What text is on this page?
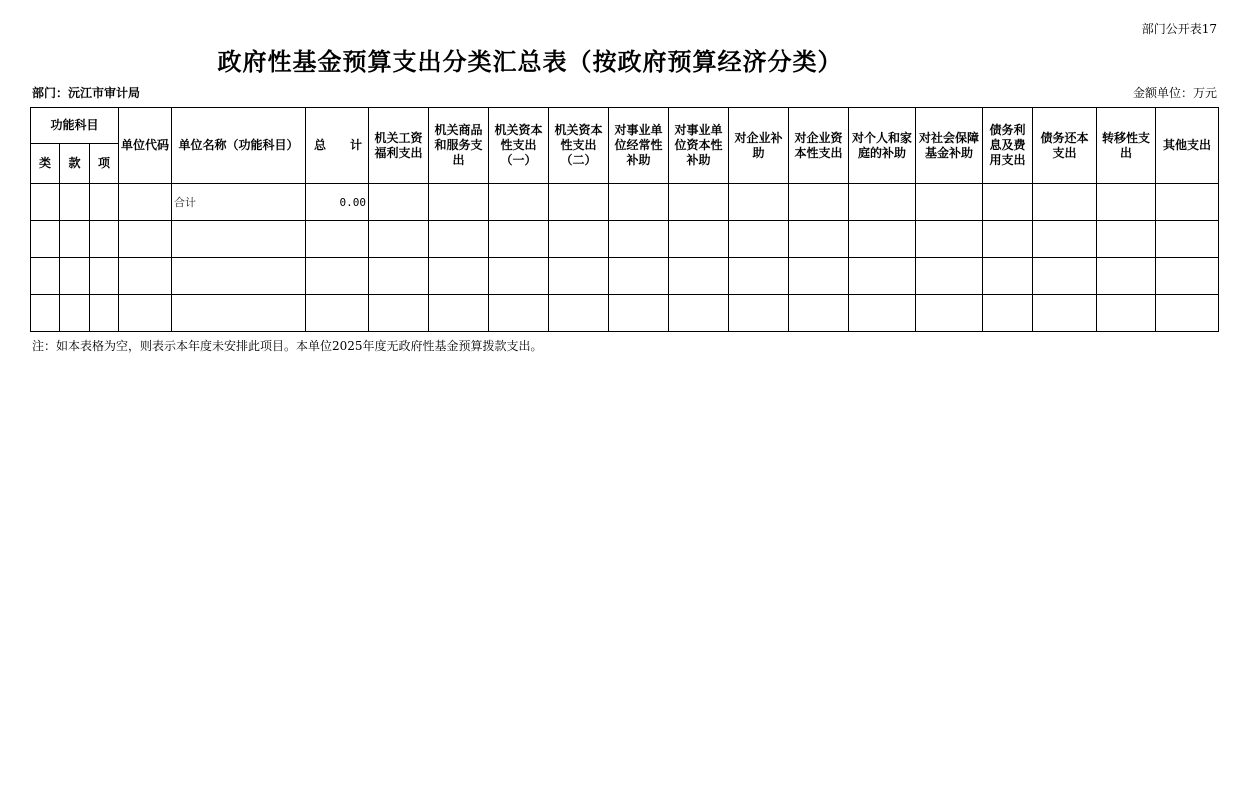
部门公开表17
政府性基金预算支出分类汇总表（按政府预算经济分类）
部门：沅江市审计局	金额单位：万元
功能科目			单位代码	单位名称（功能科目）	总　　计	机关工资福利支出	机关商品和服务支出	机关资本性支出（一）	机关资本性支出（二）	对事业单位经常性补助	对事业单位资本性补助	对企业补助	对企业资本性支出	对个人和家庭的补助	对社会保障基金补助	债务利息及费用支出	债务还本支出	转移性支出	其他支出
类	款	项																	
				合计	0.00														

注：如本表格为空，则表示本年度未安排此项目。本单位2025年度无政府性基金预算拨款支出。
